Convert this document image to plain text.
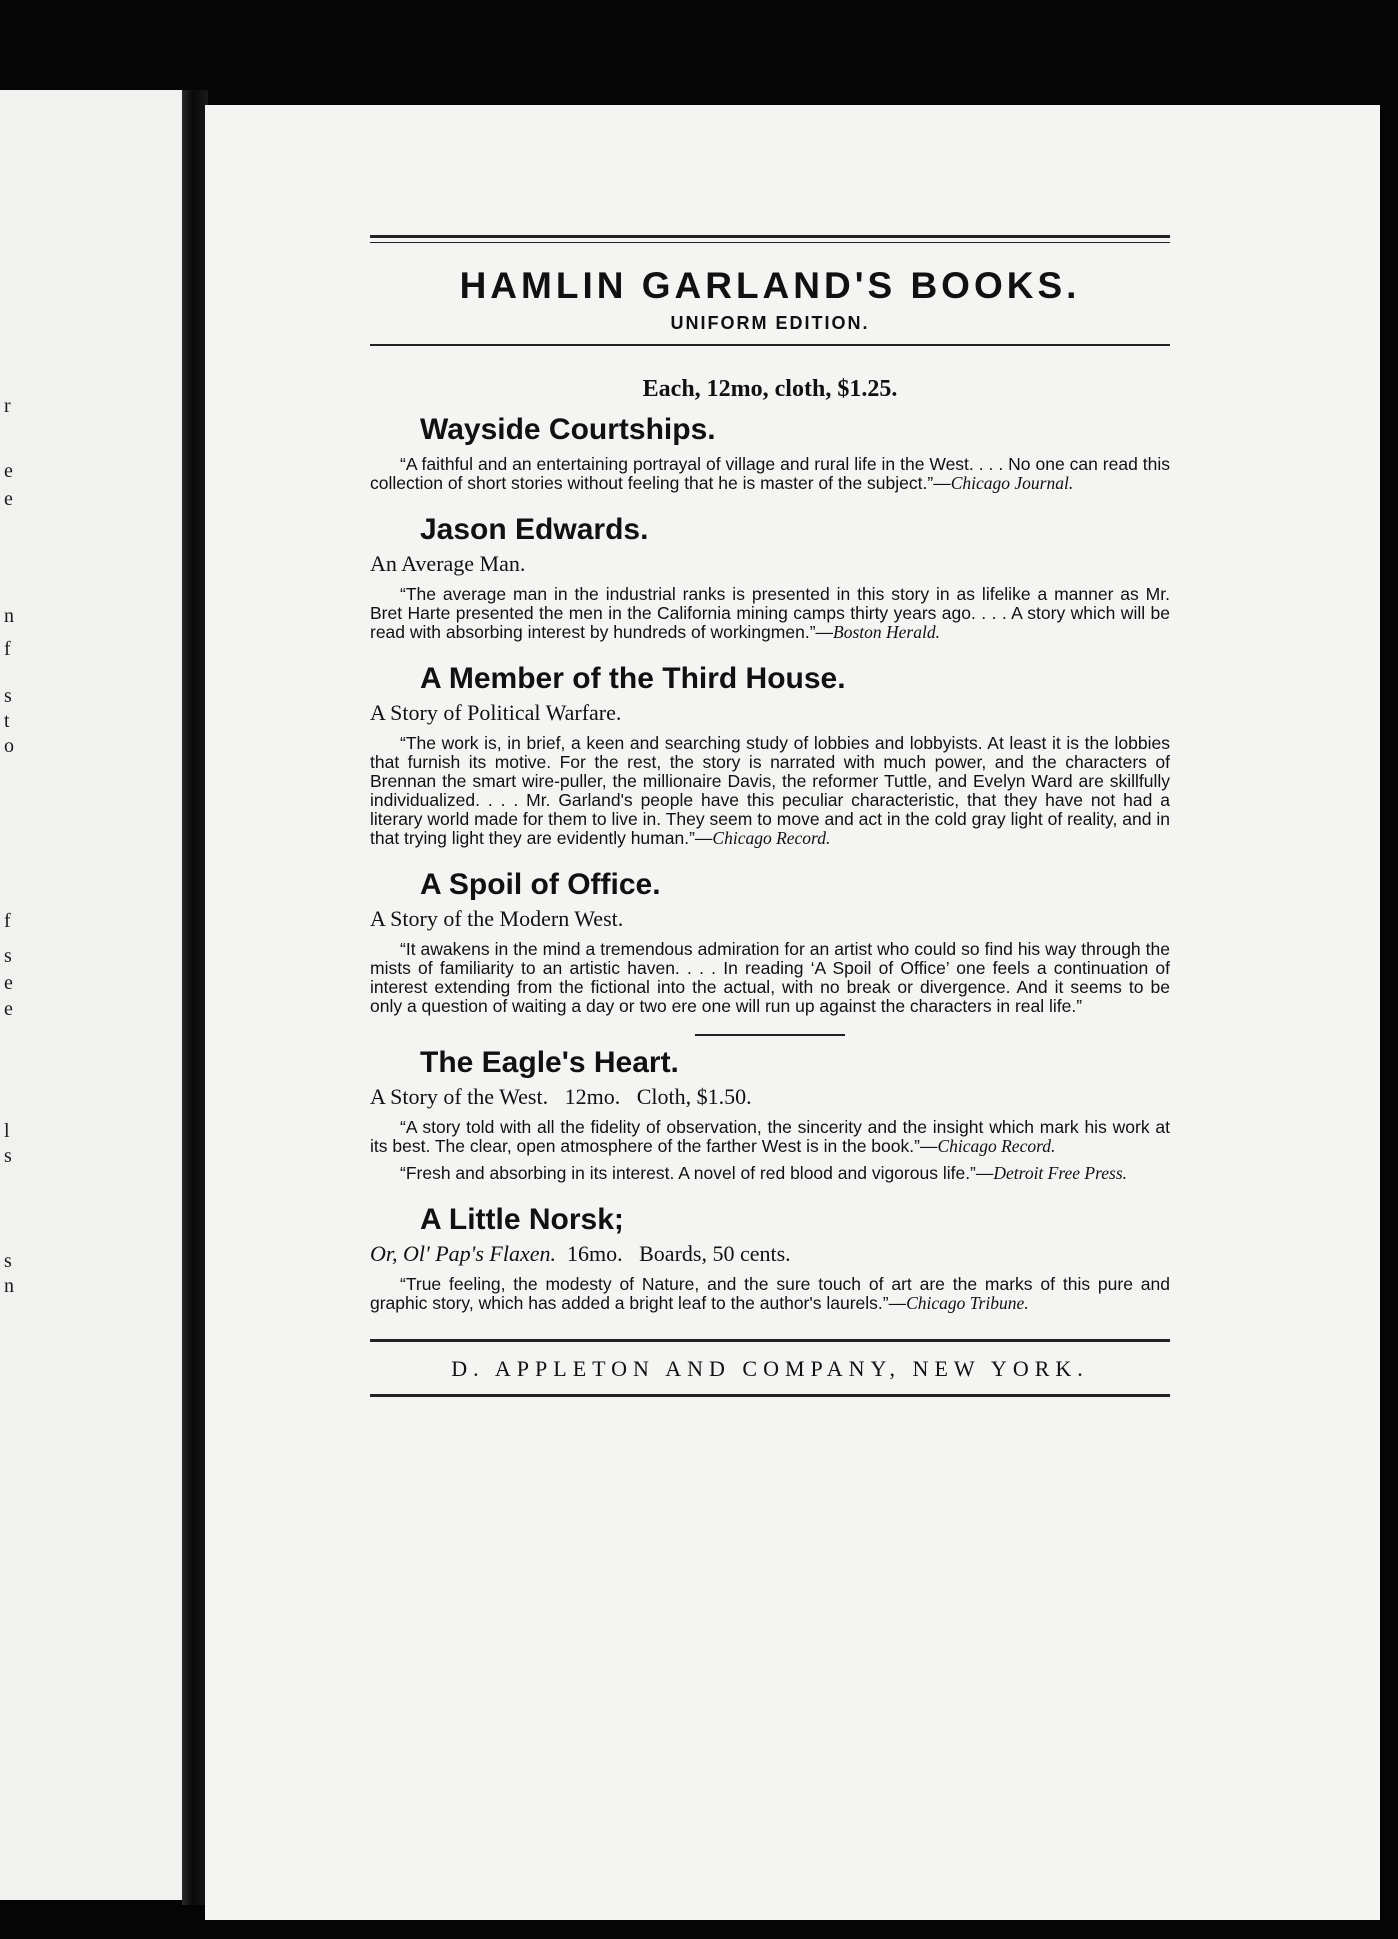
r
e
e
n
f
s
t
o
f
s
e
e
l
s
s
n
HAMLIN GARLAND'S BOOKS.
UNIFORM EDITION.
Each, 12mo, cloth, $1.25.
Wayside Courtships.
“A faithful and an entertaining portrayal of village and rural life in the West. . . . No one can read this collection of short stories without feeling that he is master of the subject.”—Chicago Journal.
Jason Edwards.
An Average Man.
“The average man in the industrial ranks is presented in this story in as lifelike a manner as Mr. Bret Harte presented the men in the California mining camps thirty years ago. . . . A story which will be read with absorbing interest by hundreds of workingmen.”—Boston Herald.
A Member of the Third House.
A Story of Political Warfare.
“The work is, in brief, a keen and searching study of lobbies and lobbyists. At least it is the lobbies that furnish its motive. For the rest, the story is narrated with much power, and the characters of Brennan the smart wire-puller, the millionaire Davis, the reformer Tuttle, and Evelyn Ward are skillfully individualized. . . . Mr. Garland's people have this peculiar characteristic, that they have not had a literary world made for them to live in. They seem to move and act in the cold gray light of reality, and in that trying light they are evidently human.”—Chicago Record.
A Spoil of Office.
A Story of the Modern West.
“It awakens in the mind a tremendous admiration for an artist who could so find his way through the mists of familiarity to an artistic haven. . . . In reading ‘A Spoil of Office’ one feels a continuation of interest extending from the fictional into the actual, with no break or divergence. And it seems to be only a question of waiting a day or two ere one will run up against the characters in real life.”
The Eagle's Heart.
A Story of the West.   12mo.   Cloth, $1.50.
“A story told with all the fidelity of observation, the sincerity and the insight which mark his work at its best. The clear, open atmosphere of the farther West is in the book.”—Chicago Record.
“Fresh and absorbing in its interest. A novel of red blood and vigorous life.”—Detroit Free Press.
A Little Norsk;
Or, Ol' Pap's Flaxen.  16mo.   Boards, 50 cents.
“True feeling, the modesty of Nature, and the sure touch of art are the marks of this pure and graphic story, which has added a bright leaf to the author's laurels.”—Chicago Tribune.
D. APPLETON AND COMPANY, NEW YORK.
